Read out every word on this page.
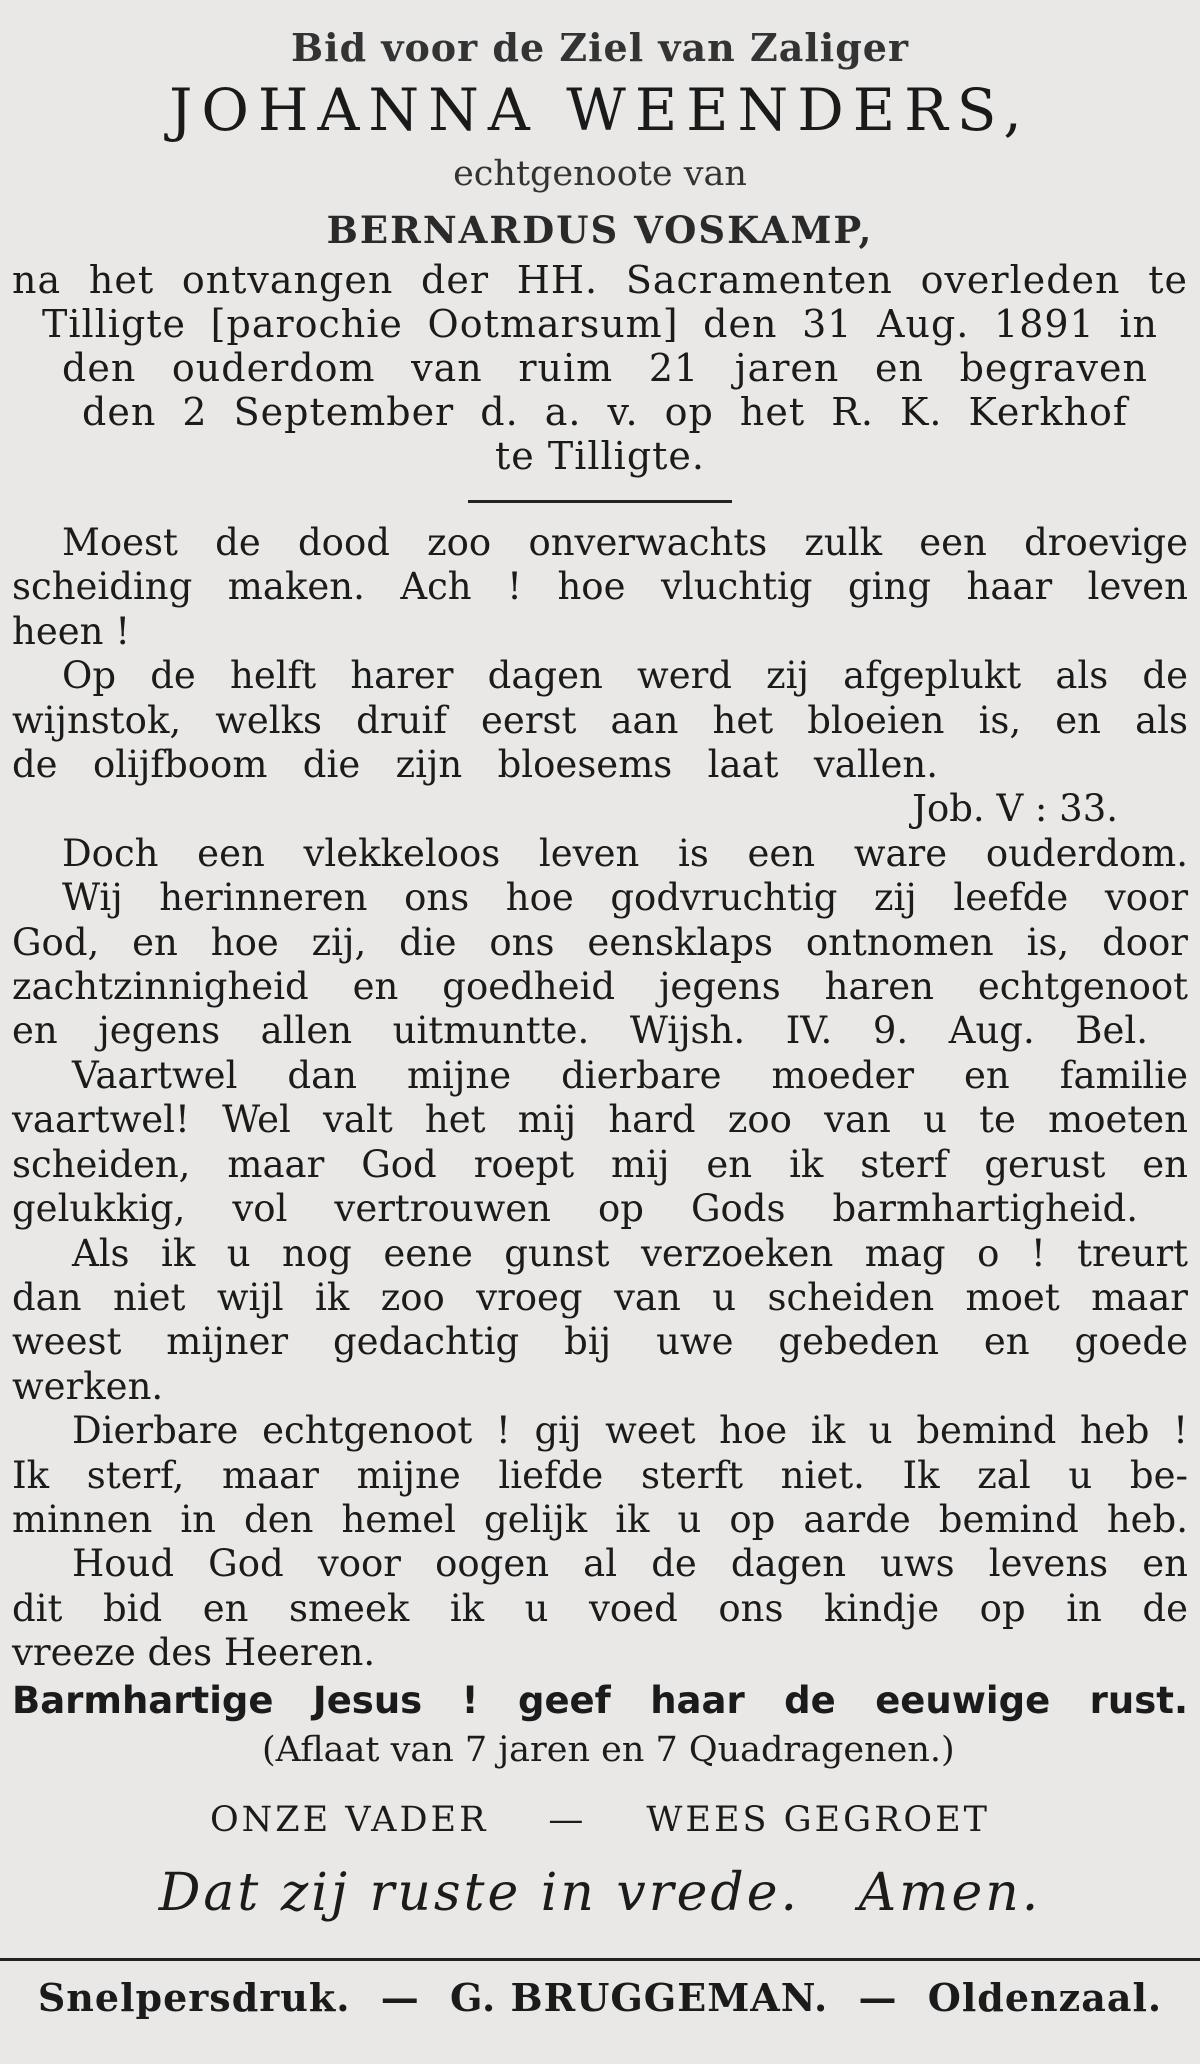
Bid voor de Ziel van Zaliger
JOHANNA WEENDERS,
echtgenoote van
BERNARDUS VOSKAMP,
na het ontvangen der HH. Sacramenten overleden te
Tilligte [parochie Ootmarsum] den 31 Aug. 1891 in
den ouderdom van ruim 21 jaren en begraven
den 2 September d. a. v. op het R. K. Kerkhof
te Tilligte.
Moest de dood zoo onverwachts zulk een droevige
scheiding maken. Ach ! hoe vluchtig ging haar leven
heen !
Op de helft harer dagen werd zij afgeplukt als de
wijnstok, welks druif eerst aan het bloeien is, en als
de olijfboom die zijn bloesems laat vallen.
Job. V : 33.
Doch een vlekkeloos leven is een ware ouderdom.
Wij herinneren ons hoe godvruchtig zij leefde voor
God, en hoe zij, die ons eensklaps ontnomen is, door
zachtzinnigheid en goedheid jegens haren echtgenoot
en jegens allen uitmuntte. Wijsh. IV. 9. Aug. Bel.
Vaartwel dan mijne dierbare moeder en familie
vaartwel! Wel valt het mij hard zoo van u te moeten
scheiden, maar God roept mij en ik sterf gerust en
gelukkig, vol vertrouwen op Gods barmhartigheid.
Als ik u nog eene gunst verzoeken mag o ! treurt
dan niet wijl ik zoo vroeg van u scheiden moet maar
weest mijner gedachtig bij uwe gebeden en goede
werken.
Dierbare echtgenoot ! gij weet hoe ik u bemind heb !
Ik sterf, maar mijne liefde sterft niet. Ik zal u be-
minnen in den hemel gelijk ik u op aarde bemind heb.
Houd God voor oogen al de dagen uws levens en
dit bid en smeek ik u voed ons kindje op in de
vreeze des Heeren.
Barmhartige Jesus ! geef haar de eeuwige rust.
(Aflaat van 7 jaren en 7 Quadragenen.)
ONZE VADER — WEES GEGROET
Dat zij ruste in vrede.   Amen.
Snelpersdruk. — G. BRUGGEMAN. — Oldenzaal.
